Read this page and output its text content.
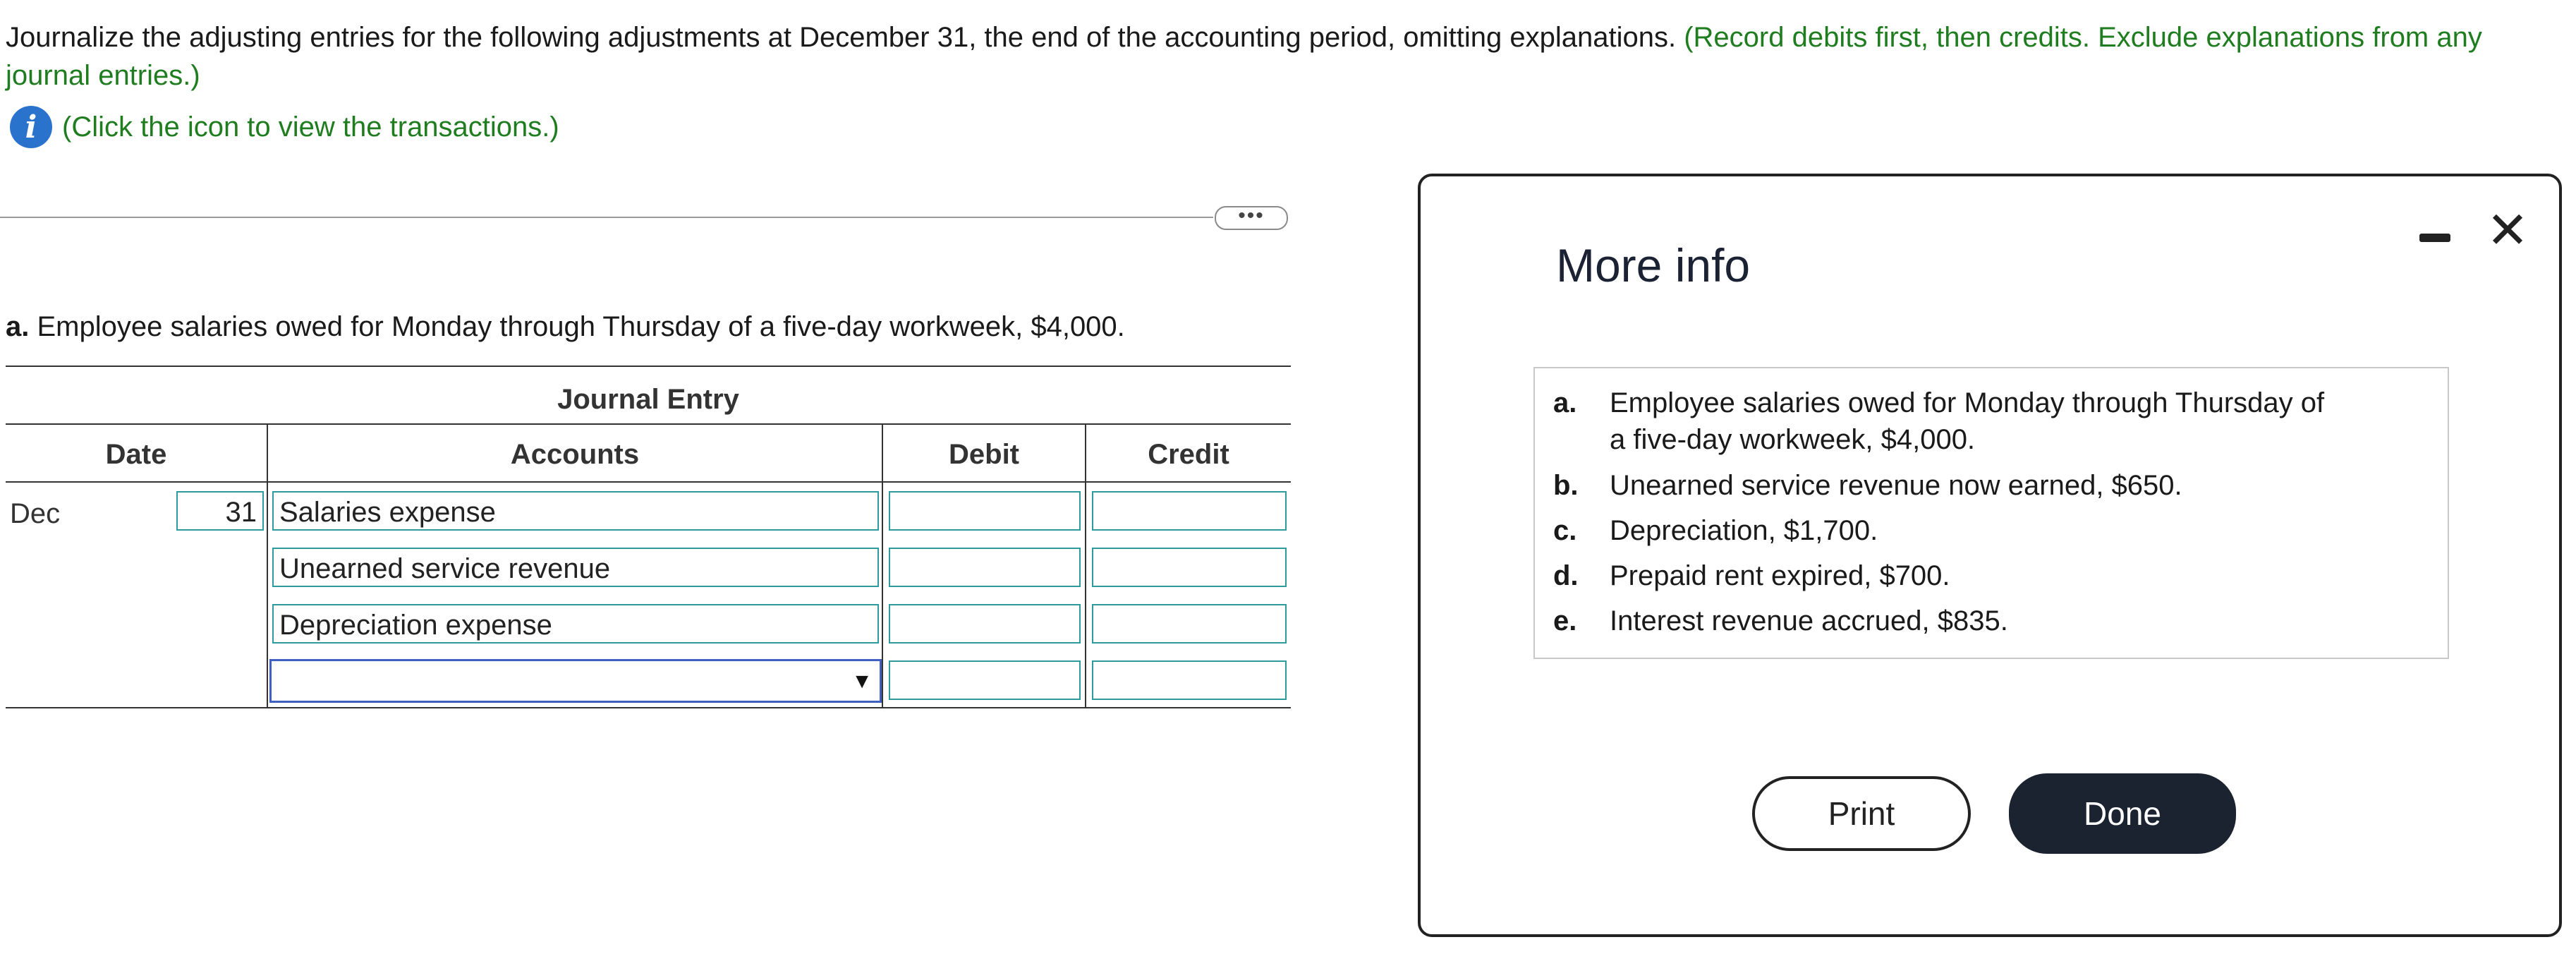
Journalize the adjusting entries for the following adjustments at December 31, the end of the accounting period, omitting explanations. (Record debits first, then credits. Exclude explanations from any journal entries.)
i (Click the icon to view the transactions.)
•••
a. Employee salaries owed for Monday through Thursday of a five-day workweek, $4,000.
Journal Entry
Date	Accounts	Debit	Credit
Dec	31 Salaries expense
Unearned service revenue
Depreciation expense
▼
More info
✕
a. Employee salaries owed for Monday through Thursday of
a five-day workweek, $4,000.
b. Unearned service revenue now earned, $650.
c. Depreciation, $1,700.
d. Prepaid rent expired, $700.
e. Interest revenue accrued, $835.
Print	Done
